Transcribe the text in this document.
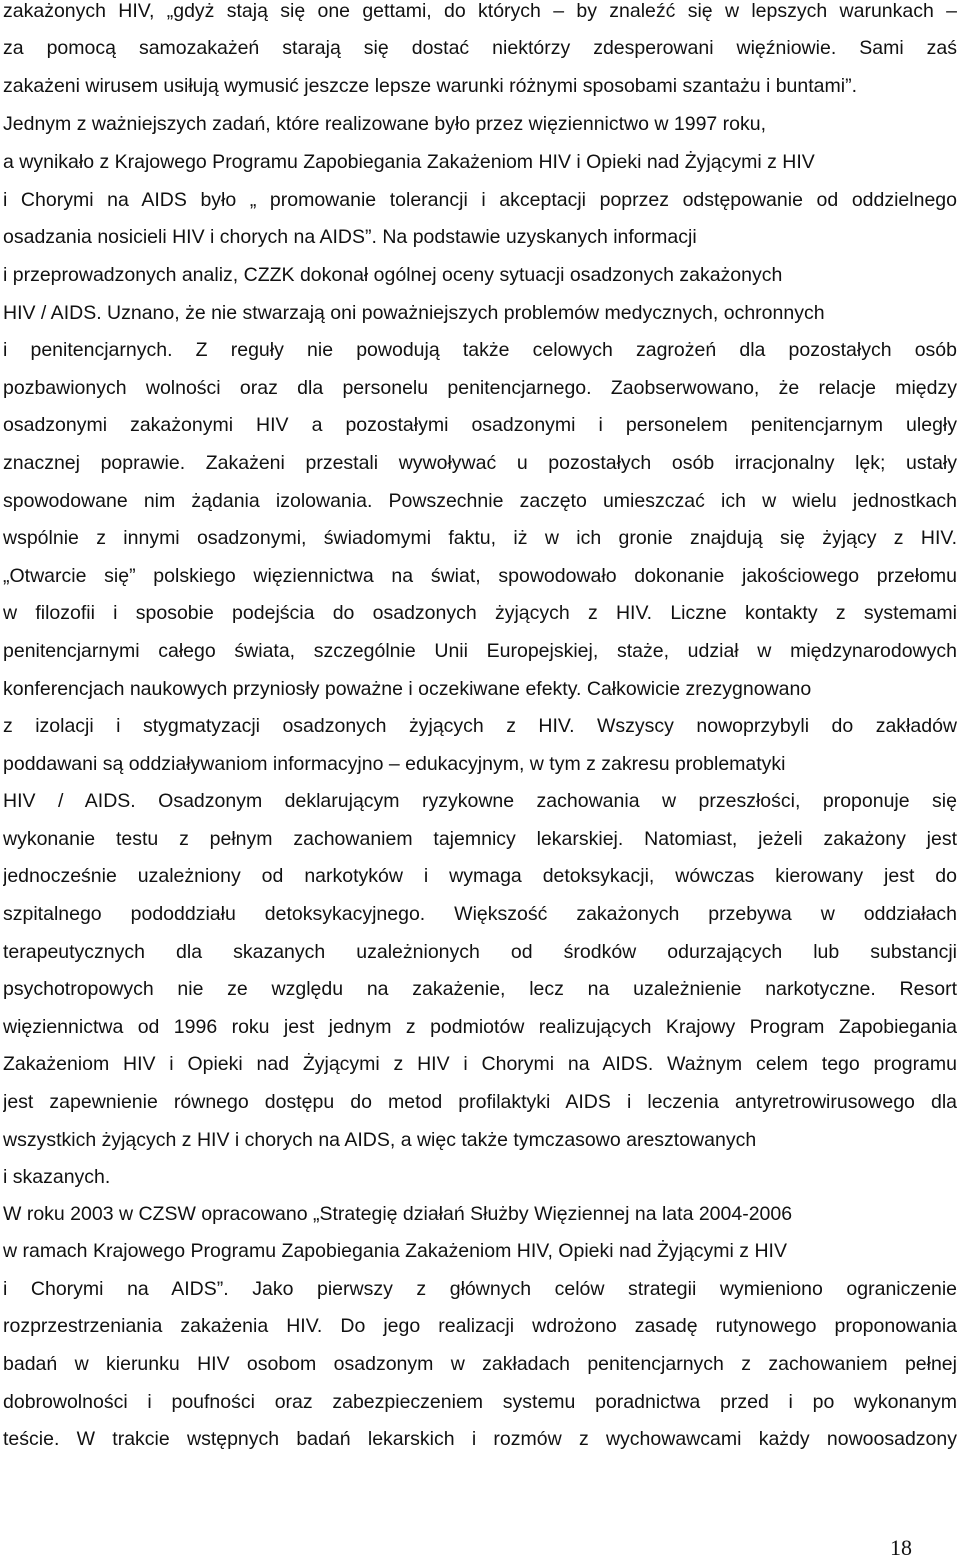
zakażonych HIV, „gdyż stają się one gettami, do których – by znaleźć się w lepszych warunkach –
za pomocą samozakażeń starają się dostać niektórzy zdesperowani więźniowie. Sami zaś
zakażeni wirusem usiłują wymusić jeszcze lepsze warunki różnymi sposobami szantażu i buntami”.
Jednym z ważniejszych zadań, które realizowane było przez więziennictwo w 1997 roku,
a wynikało z Krajowego Programu Zapobiegania Zakażeniom HIV i Opieki nad Żyjącymi z HIV
i Chorymi na AIDS było „ promowanie tolerancji i akceptacji poprzez odstępowanie od oddzielnego
osadzania nosicieli HIV i chorych na AIDS”. Na podstawie uzyskanych informacji
i przeprowadzonych analiz, CZZK dokonał ogólnej oceny sytuacji osadzonych zakażonych
HIV / AIDS. Uznano, że nie stwarzają oni poważniejszych problemów medycznych, ochronnych
i penitencjarnych. Z reguły nie powodują także celowych zagrożeń dla pozostałych osób
pozbawionych wolności oraz dla personelu penitencjarnego. Zaobserwowano, że relacje między
osadzonymi zakażonymi HIV a pozostałymi osadzonymi i personelem penitencjarnym uległy
znacznej poprawie. Zakażeni przestali wywoływać u pozostałych osób irracjonalny lęk; ustały
spowodowane nim żądania izolowania. Powszechnie zaczęto umieszczać ich w wielu jednostkach
wspólnie z innymi osadzonymi, świadomymi faktu, iż w ich gronie znajdują się żyjący z HIV.
„Otwarcie się” polskiego więziennictwa na świat, spowodowało dokonanie jakościowego przełomu
w filozofii i sposobie podejścia do osadzonych żyjących z HIV. Liczne kontakty z systemami
penitencjarnymi całego świata, szczególnie Unii Europejskiej, staże, udział w międzynarodowych
konferencjach naukowych przyniosły poważne i oczekiwane efekty. Całkowicie zrezygnowano
z izolacji i stygmatyzacji osadzonych żyjących z HIV. Wszyscy nowoprzybyli do zakładów
poddawani są oddziaływaniom informacyjno – edukacyjnym, w tym z zakresu problematyki
HIV / AIDS. Osadzonym deklarującym ryzykowne zachowania w przeszłości, proponuje się
wykonanie testu z pełnym zachowaniem tajemnicy lekarskiej. Natomiast, jeżeli zakażony jest
jednocześnie uzależniony od narkotyków i wymaga detoksykacji, wówczas kierowany jest do
szpitalnego pododdziału detoksykacyjnego. Większość zakażonych przebywa w oddziałach
terapeutycznych dla skazanych uzależnionych od środków odurzających lub substancji
psychotropowych nie ze względu na zakażenie, lecz na uzależnienie narkotyczne. Resort
więziennictwa od 1996 roku jest jednym z podmiotów realizujących Krajowy Program Zapobiegania
Zakażeniom HIV i Opieki nad Żyjącymi z HIV i Chorymi na AIDS. Ważnym celem tego programu
jest zapewnienie równego dostępu do metod profilaktyki AIDS i leczenia antyretrowirusowego dla
wszystkich żyjących z HIV i chorych na AIDS, a więc także tymczasowo aresztowanych
i skazanych.
W roku 2003 w CZSW opracowano „Strategię działań Służby Więziennej na lata 2004-2006
w ramach Krajowego Programu Zapobiegania Zakażeniom HIV, Opieki nad Żyjącymi z HIV
i Chorymi na AIDS”. Jako pierwszy z głównych celów strategii wymieniono ograniczenie
rozprzestrzeniania zakażenia HIV. Do jego realizacji wdrożono zasadę rutynowego proponowania
badań w kierunku HIV osobom osadzonym w zakładach penitencjarnych z zachowaniem pełnej
dobrowolności i poufności oraz zabezpieczeniem systemu poradnictwa przed i po wykonanym
teście. W trakcie wstępnych badań lekarskich i rozmów z wychowawcami każdy nowoosadzony
18
